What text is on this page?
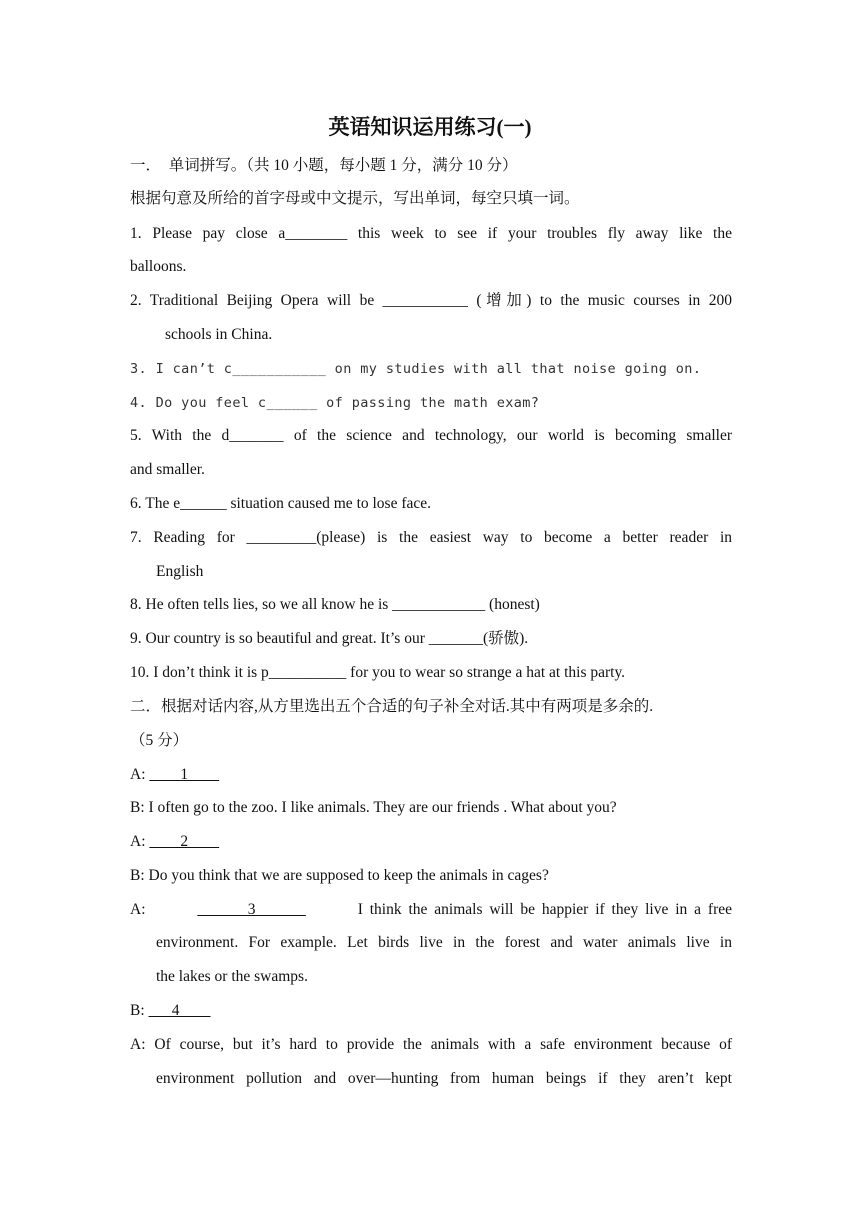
英语知识运用练习(一)
一．　单词拼写。（共 10 小题，每小题 1 分，满分 10 分）
根据句意及所给的首字母或中文提示，写出单词，每空只填一词。
1. Please pay close a________ this week to see if your troubles fly away like the
balloons.
2. Traditional Beijing Opera will be ___________ (增加) to the music courses in 200
schools in China.
3. I can’t c___________ on my studies with all that noise going on.
4. Do you feel c______ of passing the math exam?
5. With the d_______ of the science and technology, our world is becoming smaller
and smaller.
6. The e______ situation caused me to lose face.
7. Reading for _________(please) is the easiest way to become a better reader in
English
8. He often tells lies, so we all know he is ____________ (honest)
9. Our country is so beautiful and great. It’s our _______(骄傲).
10. I don’t think it is p__________ for you to wear so strange a hat at this party.
二．根据对话内容,从方里选出五个合适的句子补全对话.其中有两项是多余的.
（5 分）
A:         1
B: I often go to the zoo. I like animals. They are our friends . What about you?
A:         2
B: Do you think that we are supposed to keep the animals in cages?
A:	3	I think the animals will be happier if they live in a free
environment. For example. Let birds live in the forest and water animals live in
the lakes or the swamps.
B:       4
A: Of course, but it’s hard to provide the animals with a safe environment because of
environment pollution and over—hunting from human beings if they aren’t kept
